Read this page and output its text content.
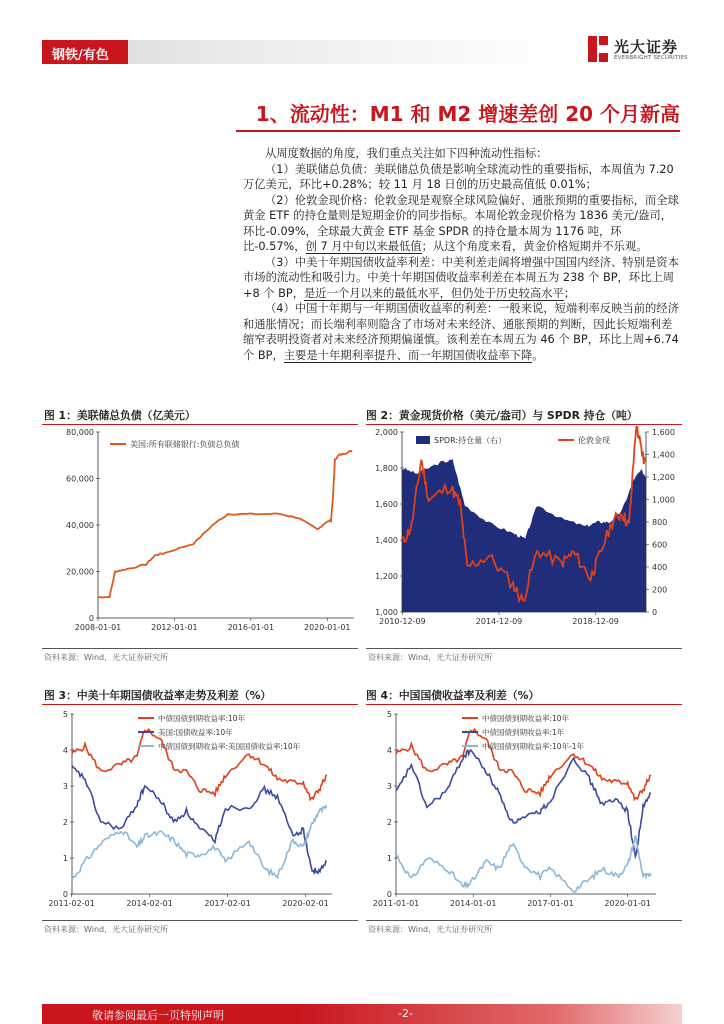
钢铁/有色	光大证券
EVERBRIGHT SECURITIES
1、流动性：M1 和 M2 增速差创 20 个月新高

从周度数据的角度，我们重点关注如下四种流动性指标：

（1）美联储总负债：美联储总负债是影响全球流动性的重要指标，本周值为 7.20 万亿美元，环比+0.28%；较 11 月 18 日创的历史最高值低 0.01%；

（2）伦敦金现价格：伦敦金现是观察全球风险偏好、通胀预期的重要指标，而全球黄金 ETF 的持仓量则是短期金价的同步指标。本周伦敦金现价格为 1836 美元/盎司，环比-0.09%，全球最大黄金 ETF 基金 SPDR 的持仓量本周为 1176 吨，环比-0.57%，创 7 月中旬以来最低值；从这个角度来看，黄金价格短期并不乐观。

（3）中美十年期国债收益率利差：中美利差走阔将增强中国国内经济、特别是资本市场的流动性和吸引力。中美十年期国债收益率利差在本周五为 238 个 BP，环比上周+8 个 BP，是近一个月以来的最低水平，但仍处于历史较高水平；

（4）中国十年期与一年期国债收益率的利差：一般来说，短端利率反映当前的经济和通胀情况；而长端利率则隐含了市场对未来经济、通胀预期的判断，因此长短端利差缩窄表明投资者对未来经济预期偏谨慎。该利差在本周五为 46 个 BP，环比上周+6.74 个 BP，主要是十年期利率提升、而一年期国债收益率下降。

图 1：美联储总负债（亿美元）
0
20,000
40,000
60,000
80,000
2008-01-01	2012-01-01	2016-01-01	2020-01-01
美国:所有联储银行:负债总负债
资料来源：Wind，光大证券研究所
图 2：黄金现货价格（美元/盎司）与 SPDR 持仓（吨）
1,000
1,200
1,400
1,600
1,800
2,000
0
200
400
600
800
1,000
1,200
1,400
1,600
2010-12-09	2014-12-09	2018-12-09
SPDR:持仓量（右）	伦敦金现
资料来源：Wind，光大证券研究所
图 3：中美十年期国债收益率走势及利差（%）
0
1
2
3
4
5
2011-02-01	2014-02-01	2017-02-01	2020-02-01
中债国债到期收益率:10年
美国:国债收益率:10年
中债国债到期收益率:美国国债收益率:10年
资料来源：Wind，光大证券研究所
图 4：中国国债收益率及利差（%）
0
1
2
3
4
5
2011-01-01	2014-01-01	2017-01-01	2020-01-01
中债国债到期收益率:10年
中债国债到期收益率:1年
中债国债到期收益率:10年-1年
资料来源：Wind，光大证券研究所
敬请参阅最后一页特别声明	-2-
